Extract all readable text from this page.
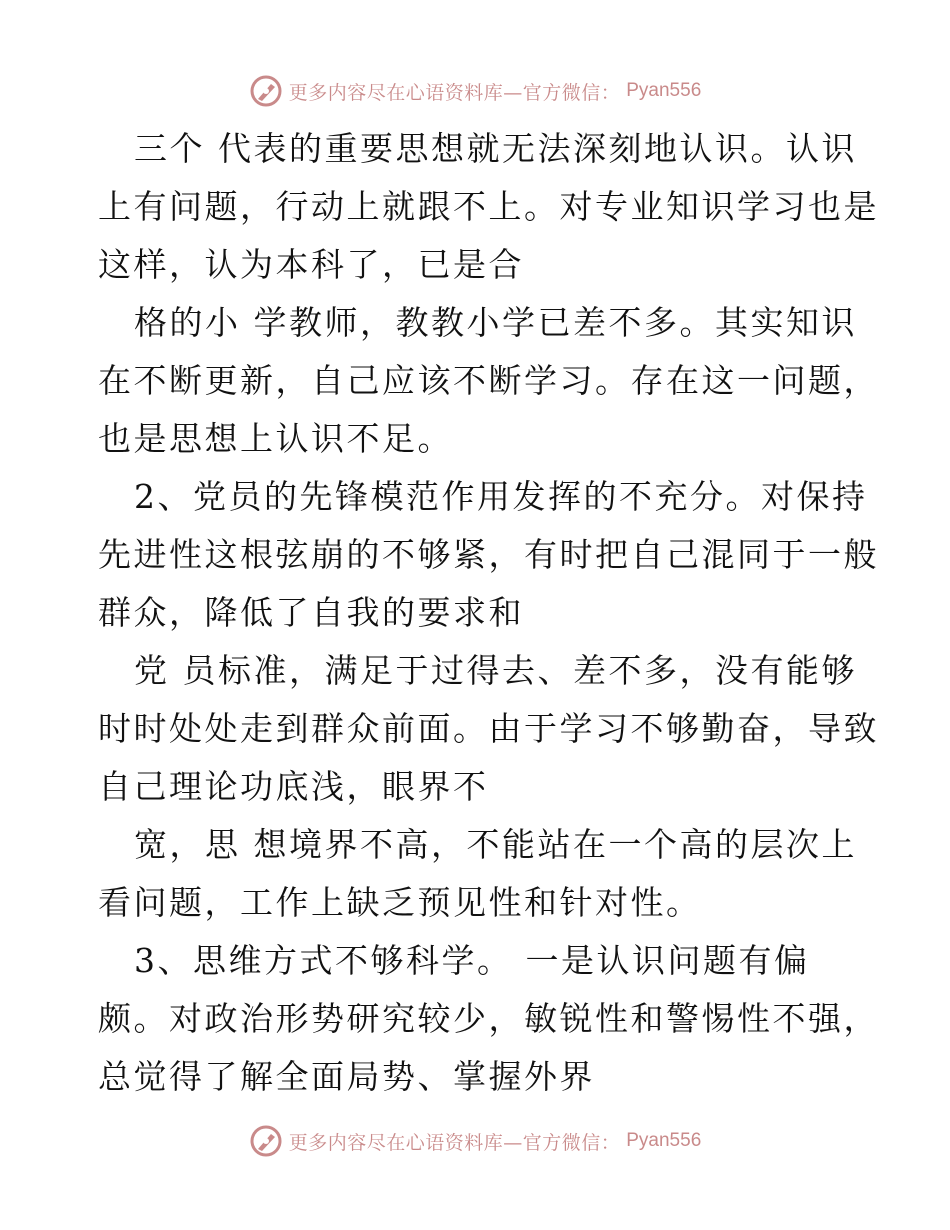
更多内容尽在心语资料库—官方微信： Pyan556
三个 代表的重要思想就无法深刻地认识。认识
上有问题，行动上就跟不上。对专业知识学习也是
这样，认为本科了，已是合
格的小 学教师，教教小学已差不多。其实知识
在不断更新，自己应该不断学习。存在这一问题，
也是思想上认识不足。
2、党员的先锋模范作用发挥的不充分。对保持
先进性这根弦崩的不够紧，有时把自己混同于一般
群众，降低了自我的要求和
党 员标准，满足于过得去、差不多，没有能够
时时处处走到群众前面。由于学习不够勤奋，导致
自己理论功底浅，眼界不
宽，思 想境界不高，不能站在一个高的层次上
看问题，工作上缺乏预见性和针对性。
3、思维方式不够科学。 一是认识问题有偏
颇。对政治形势研究较少，敏锐性和警惕性不强，
总觉得了解全面局势、掌握外界
更多内容尽在心语资料库—官方微信： Pyan556
